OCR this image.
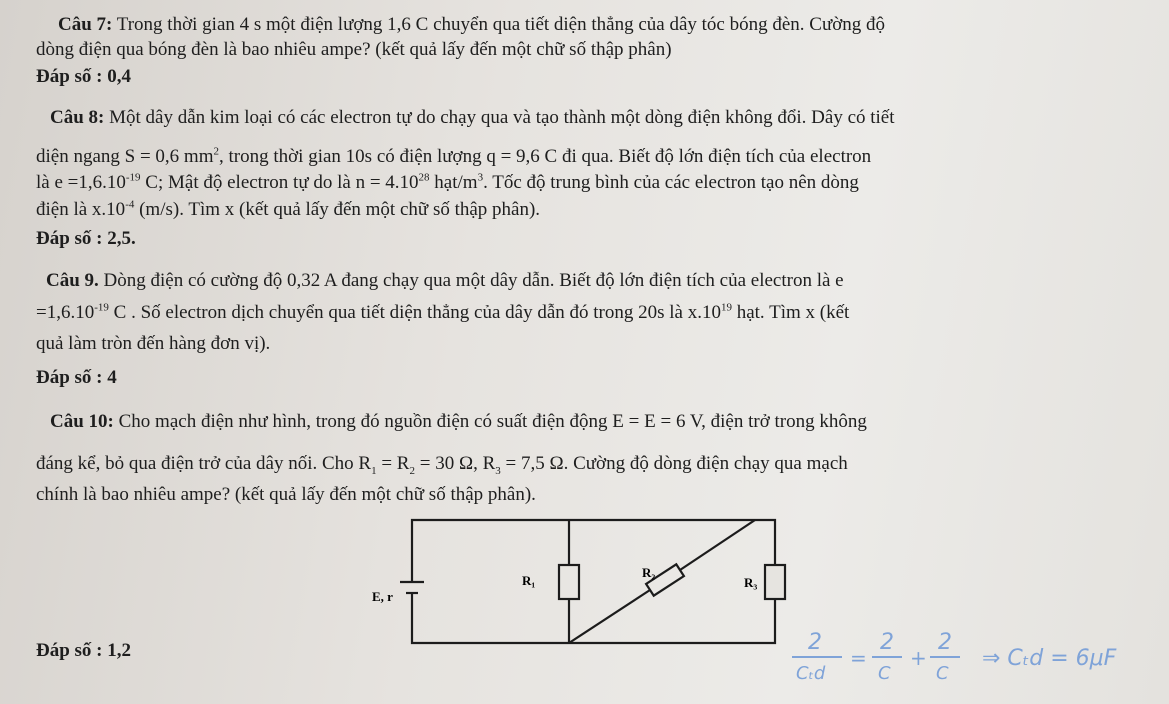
Câu 7: Trong thời gian 4 s một điện lượng 1,6 C chuyển qua tiết diện thẳng của dây tóc bóng đèn. Cường độ
dòng điện qua bóng đèn là bao nhiêu ampe? (kết quả lấy đến một chữ số thập phân)
Đáp số : 0,4
Câu 8: Một dây dẫn kim loại có các electron tự do chạy qua và tạo thành một dòng điện không đổi. Dây có tiết
diện ngang S = 0,6 $mm^2$, trong thời gian 10s có điện lượng q = 9,6 C đi qua. Biết độ lớn điện tích của electron
là $e =1,6.10^{-19}$ C; Mật độ electron tự do là $n = 4.10^{28}$ hạt/$m^3$. Tốc độ trung bình của các electron tạo nên dòng
điện là $x.10^{-4}$ (m/s). Tìm x (kết quả lấy đến một chữ số thập phân).
Đáp số : 2,5.
Câu 9. Dòng điện có cường độ 0,32 A đang chạy qua một dây dẫn. Biết độ lớn điện tích của electron là e
$=1,6.10^{-19}$ C . Số electron dịch chuyển qua tiết diện thẳng của dây dẫn đó trong 20s là $x.10^{19}$ hạt. Tìm x (kết
quả làm tròn đến hàng đơn vị).
Đáp số : 4
Câu 10: Cho mạch điện như hình, trong đó nguồn điện có suất điện động E = E = 6 V, điện trở trong không
đáng kể, bỏ qua điện trở của dây nối. Cho $R_1 = R_2 = 30$ Ω, $R_3 = 7,5$ Ω. Cường độ dòng điện chạy qua mạch
chính là bao nhiêu ampe? (kết quả lấy đến một chữ số thập phân).
Đáp số : 1,2
E, r
R₁
R₂
R₃
2
Cₜd
=
2
C
+
2
C
⇒ Cₜd = 6μF
